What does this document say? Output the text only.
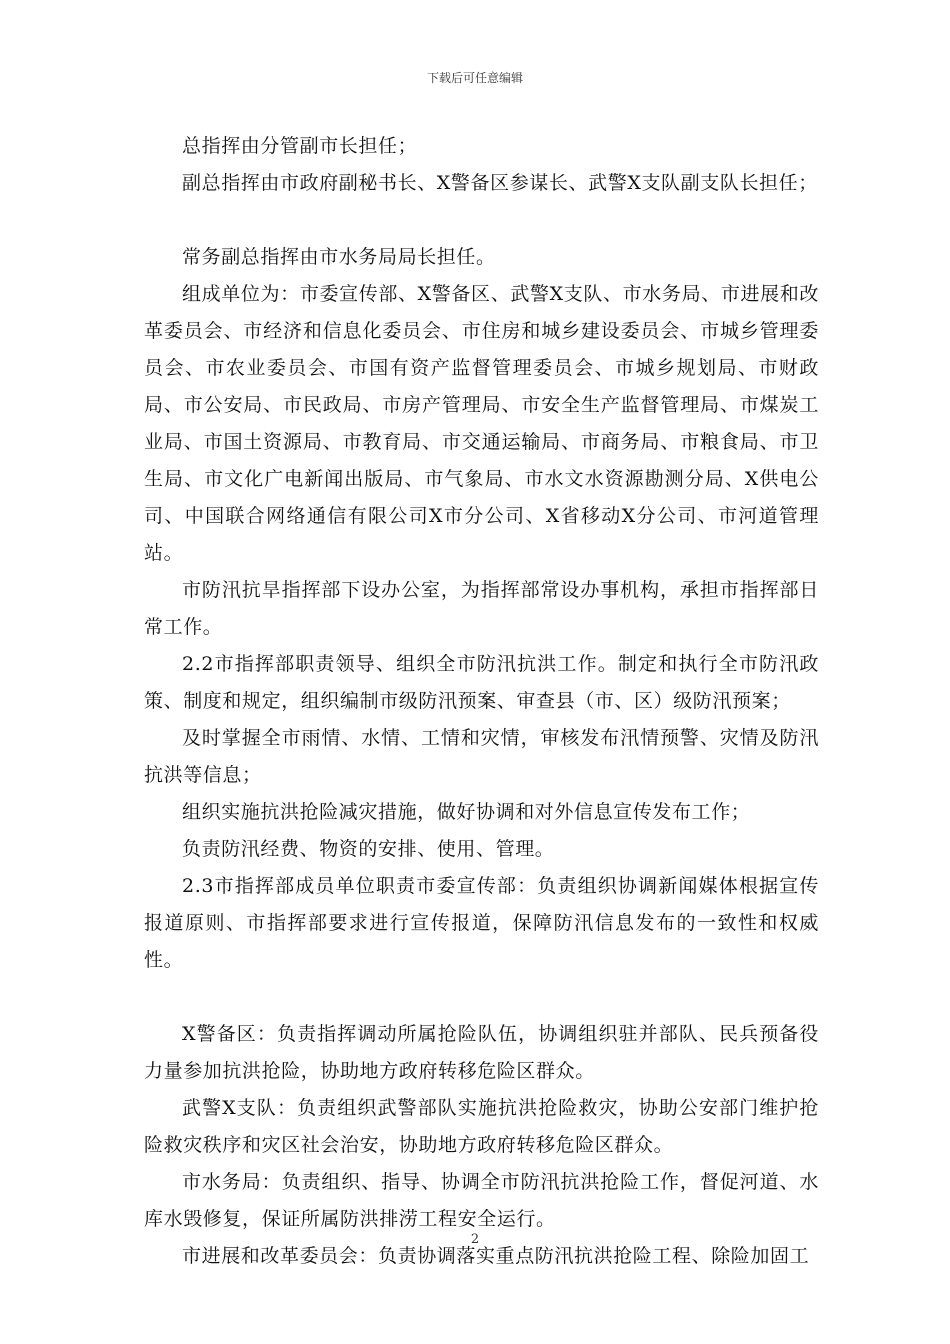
下载后可任意编辑

总指挥由分管副市长担任；

副总指挥由市政府副秘书长、X警备区参谋长、武警X支队副支队长担任；

常务副总指挥由市水务局局长担任。

组成单位为：市委宣传部、X警备区、武警X支队、市水务局、市进展和改革委员会、市经济和信息化委员会、市住房和城乡建设委员会、市城乡管理委员会、市农业委员会、市国有资产监督管理委员会、市城乡规划局、市财政局、市公安局、市民政局、市房产管理局、市安全生产监督管理局、市煤炭工业局、市国土资源局、市教育局、市交通运输局、市商务局、市粮食局、市卫生局、市文化广电新闻出版局、市气象局、市水文水资源勘测分局、X供电公司、中国联合网络通信有限公司X市分公司、X省移动X分公司、市河道管理站。

市防汛抗旱指挥部下设办公室，为指挥部常设办事机构，承担市指挥部日常工作。

2.2市指挥部职责领导、组织全市防汛抗洪工作。制定和执行全市防汛政策、制度和规定，组织编制市级防汛预案、审查县（市、区）级防汛预案；

及时掌握全市雨情、水情、工情和灾情，审核发布汛情预警、灾情及防汛抗洪等信息；

组织实施抗洪抢险减灾措施，做好协调和对外信息宣传发布工作；

负责防汛经费、物资的安排、使用、管理。

2.3市指挥部成员单位职责市委宣传部：负责组织协调新闻媒体根据宣传报道原则、市指挥部要求进行宣传报道，保障防汛信息发布的一致性和权威性。

X警备区：负责指挥调动所属抢险队伍，协调组织驻并部队、民兵预备役力量参加抗洪抢险，协助地方政府转移危险区群众。

武警X支队：负责组织武警部队实施抗洪抢险救灾，协助公安部门维护抢险救灾秩序和灾区社会治安，协助地方政府转移危险区群众。

市水务局：负责组织、指导、协调全市防汛抗洪抢险工作，督促河道、水库水毁修复，保证所属防洪排涝工程安全运行。

市进展和改革委员会：负责协调落实重点防汛抗洪抢险工程、除险加固工

2
